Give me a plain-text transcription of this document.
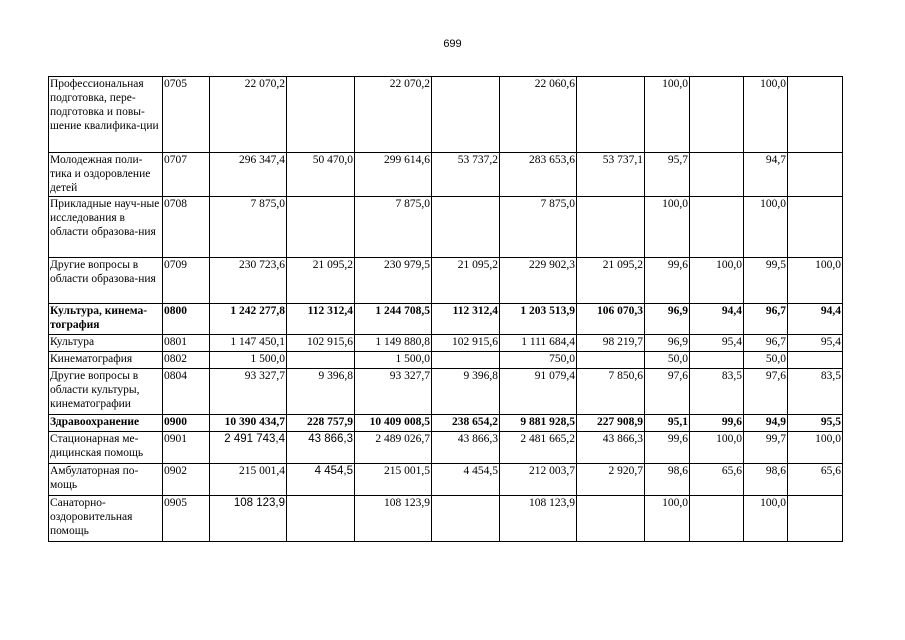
699
Профессиональная подготовка, пере-подготовка и повы-шение квалифика-ции	0705	22 070,2		22 070,2		22 060,6		100,0		100,0	
Молодежная поли-тика и оздоровление детей	0707	296 347,4	50 470,0	299 614,6	53 737,2	283 653,6	53 737,1	95,7		94,7	
Прикладные науч-ные исследования в области образова-ния	0708	7 875,0		7 875,0		7 875,0		100,0		100,0	
Другие вопросы в области образова-ния	0709	230 723,6	21 095,2	230 979,5	21 095,2	229 902,3	21 095,2	99,6	100,0	99,5	100,0
Культура, кинема-тография	0800	1 242 277,8	112 312,4	1 244 708,5	112 312,4	1 203 513,9	106 070,3	96,9	94,4	96,7	94,4
Культура	0801	1 147 450,1	102 915,6	1 149 880,8	102 915,6	1 111 684,4	98 219,7	96,9	95,4	96,7	95,4
Кинематография	0802	1 500,0		1 500,0		750,0		50,0		50,0	
Другие вопросы в области культуры, кинематографии	0804	93 327,7	9 396,8	93 327,7	9 396,8	91 079,4	7 850,6	97,6	83,5	97,6	83,5
Здравоохранение	0900	10 390 434,7	228 757,9	10 409 008,5	238 654,2	9 881 928,5	227 908,9	95,1	99,6	94,9	95,5
Стационарная ме-дицинская помощь	0901	2 491 743,4	43 866,3	2 489 026,7	43 866,3	2 481 665,2	43 866,3	99,6	100,0	99,7	100,0
Амбулаторная по-мощь	0902	215 001,4	4 454,5	215 001,5	4 454,5	212 003,7	2 920,7	98,6	65,6	98,6	65,6
Санаторно-оздоровительная помощь	0905	108 123,9		108 123,9		108 123,9		100,0		100,0	
